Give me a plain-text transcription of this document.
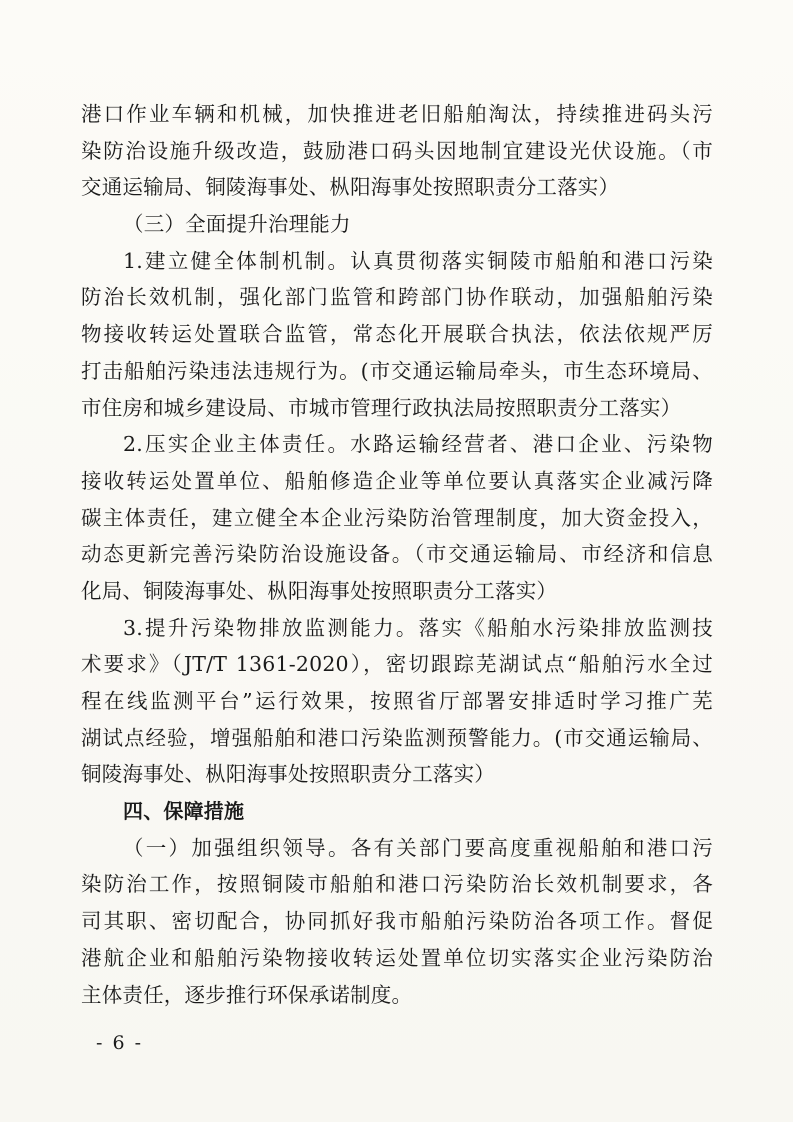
港口作业车辆和机械，加快推进老旧船舶淘汰，持续推进码头污
染防治设施升级改造，鼓励港口码头因地制宜建设光伏设施。（市
交通运输局、铜陵海事处、枞阳海事处按照职责分工落实）
（三）全面提升治理能力
1.建立健全体制机制。认真贯彻落实铜陵市船舶和港口污染
防治长效机制，强化部门监管和跨部门协作联动，加强船舶污染
物接收转运处置联合监管，常态化开展联合执法，依法依规严厉
打击船舶污染违法违规行为。(市交通运输局牵头，市生态环境局、
市住房和城乡建设局、市城市管理行政执法局按照职责分工落实）
2.压实企业主体责任。水路运输经营者、港口企业、污染物
接收转运处置单位、船舶修造企业等单位要认真落实企业减污降
碳主体责任，建立健全本企业污染防治管理制度，加大资金投入，
动态更新完善污染防治设施设备。（市交通运输局、市经济和信息
化局、铜陵海事处、枞阳海事处按照职责分工落实）
3.提升污染物排放监测能力。落实《船舶水污染排放监测技
术要求》（JT/T 1361-2020），密切跟踪芜湖试点“船舶污水全过
程在线监测平台”运行效果，按照省厅部署安排适时学习推广芜
湖试点经验，增强船舶和港口污染监测预警能力。(市交通运输局、
铜陵海事处、枞阳海事处按照职责分工落实）
四、保障措施
（一）加强组织领导。各有关部门要高度重视船舶和港口污
染防治工作，按照铜陵市船舶和港口污染防治长效机制要求，各
司其职、密切配合，协同抓好我市船舶污染防治各项工作。督促
港航企业和船舶污染物接收转运处置单位切实落实企业污染防治
主体责任，逐步推行环保承诺制度。
- 6 -
